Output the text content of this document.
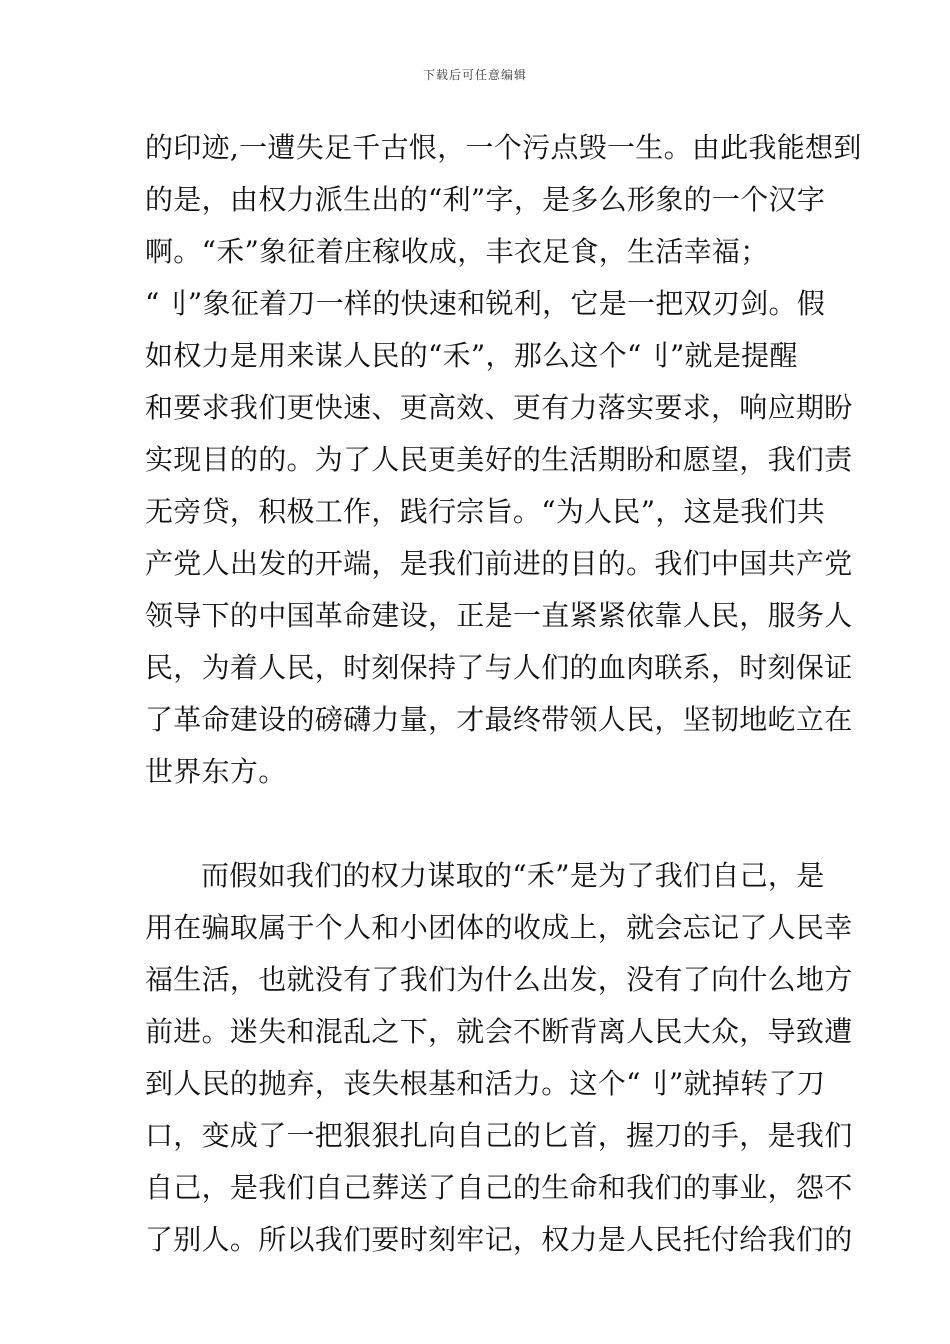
下载后可任意编辑
的印迹,一遭失足千古恨，一个污点毁一生。由此我能想到
的是，由权力派生出的“利”字，是多么形象的一个汉字
啊。“禾”象征着庄稼收成，丰衣足食，生活幸福；
“刂”象征着刀一样的快速和锐利，它是一把双刃剑。假
如权力是用来谋人民的“禾”，那么这个“刂”就是提醒
和要求我们更快速、更高效、更有力落实要求，响应期盼
实现目的的。为了人民更美好的生活期盼和愿望，我们责
无旁贷，积极工作，践行宗旨。“为人民”，这是我们共
产党人出发的开端，是我们前进的目的。我们中国共产党
领导下的中国革命建设，正是一直紧紧依靠人民，服务人
民，为着人民，时刻保持了与人们的血肉联系，时刻保证
了革命建设的磅礴力量，才最终带领人民，坚韧地屹立在
世界东方。
而假如我们的权力谋取的“禾”是为了我们自己，是
用在骗取属于个人和小团体的收成上，就会忘记了人民幸
福生活，也就没有了我们为什么出发，没有了向什么地方
前进。迷失和混乱之下，就会不断背离人民大众，导致遭
到人民的抛弃，丧失根基和活力。这个“刂”就掉转了刀
口，变成了一把狠狠扎向自己的匕首，握刀的手，是我们
自己，是我们自己葬送了自己的生命和我们的事业，怨不
了别人。所以我们要时刻牢记，权力是人民托付给我们的
